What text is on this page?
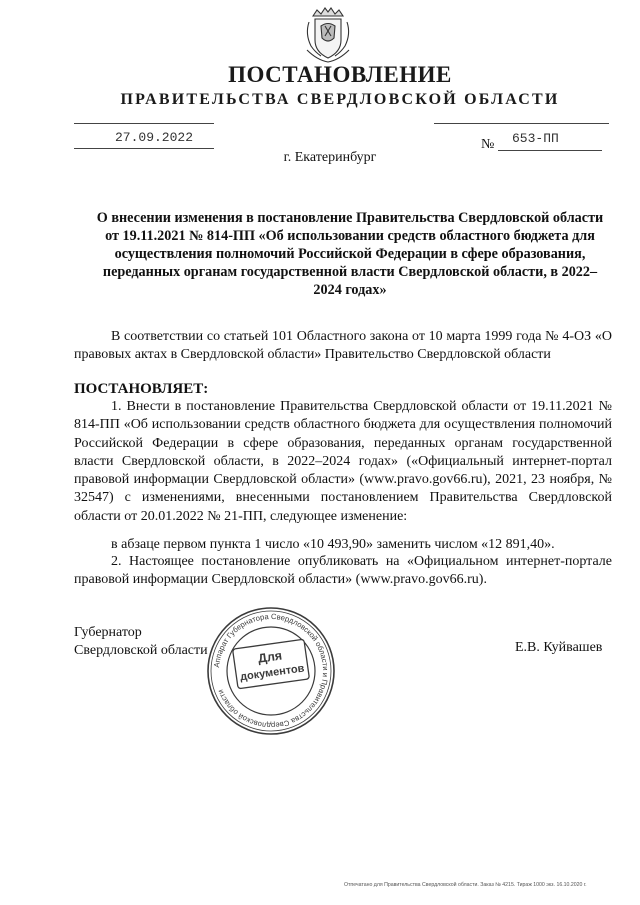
ПОСТАНОВЛЕНИЕ
ПРАВИТЕЛЬСТВА СВЕРДЛОВСКОЙ ОБЛАСТИ
27.09.2022	№ 653-ПП
г. Екатеринбург
О внесении изменения в постановление Правительства Свердловской области от 19.11.2021 № 814-ПП «Об использовании средств областного бюджета для осуществления полномочий Российской Федерации в сфере образования, переданных органам государственной власти Свердловской области, в 2022–2024 годах»

В соответствии со статьей 101 Областного закона от 10 марта 1999 года № 4-ОЗ «О правовых актах в Свердловской области» Правительство Свердловской области

ПОСТАНОВЛЯЕТ:

1. Внести в постановление Правительства Свердловской области от 19.11.2021 № 814-ПП «Об использовании средств областного бюджета для осуществления полномочий Российской Федерации в сфере образования, переданных органам государственной власти Свердловской области, в 2022–2024 годах» («Официальный интернет-портал правовой информации Свердловской области» (www.pravo.gov66.ru), 2021, 23 ноября, № 32547) с изменениями, внесенными постановлением Правительства Свердловской области от 20.01.2022 № 21-ПП, следующее изменение:

в абзаце первом пункта 1 число «10 493,90» заменить числом «12 891,40».

2. Настоящее постановление опубликовать на «Официальном интернет-портале правовой информации Свердловской области» (www.pravo.gov66.ru).

Губернатор
Свердловской области	Е.В. Куйвашев
Аппарат Губернатора Свердловской области и Правительства Свердловской области
Для
документов
Отпечатано для Правительства Свердловской области. Заказ № 4215. Тираж 1000 экз. 16.10.2020 г.
